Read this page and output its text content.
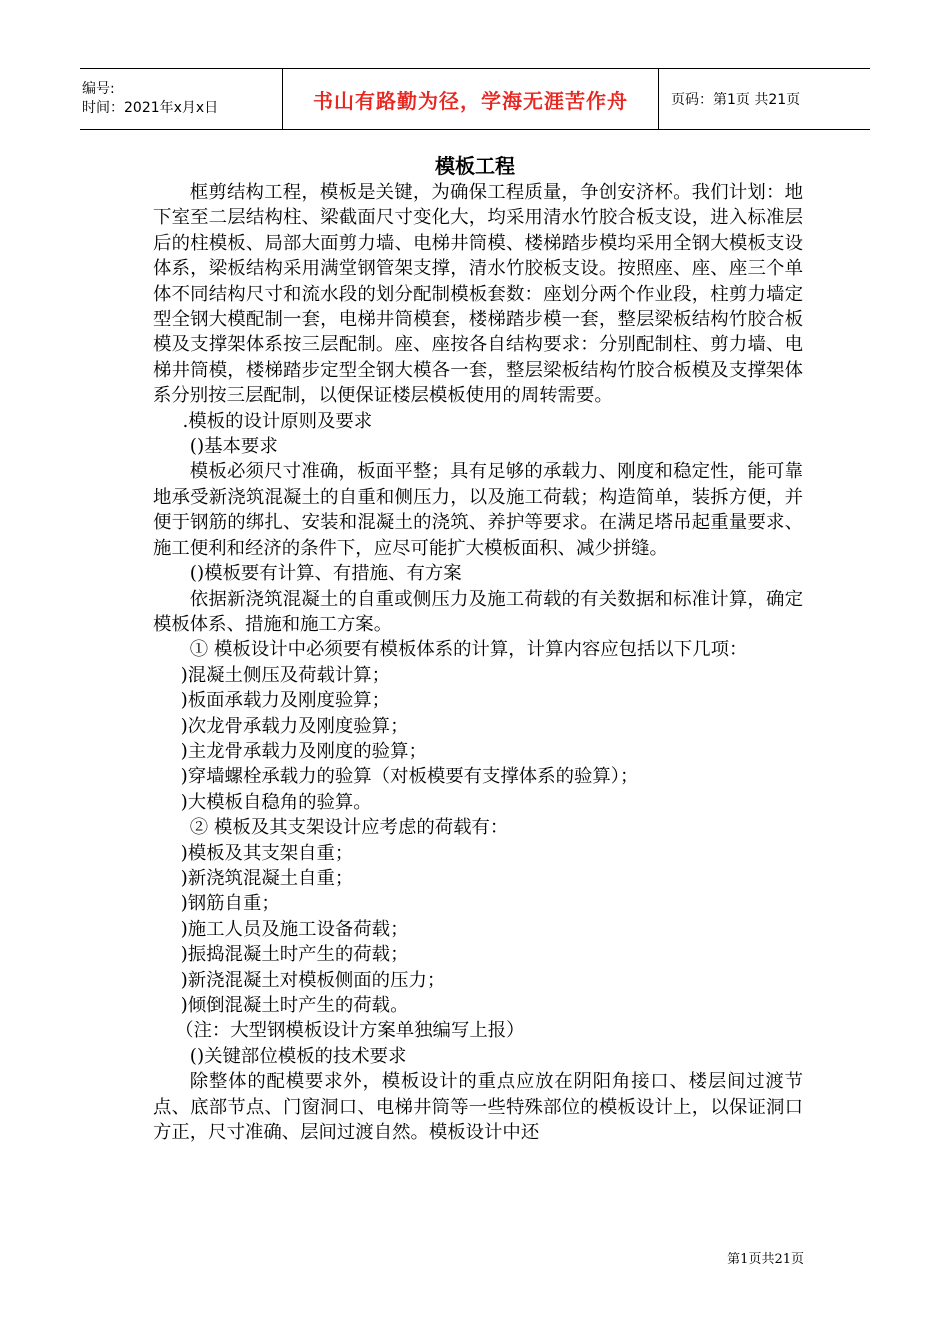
编号:
时间：2021年x月x日	书山有路勤为径，学海无涯苦作舟	页码：第1页 共21页
模板工程

框剪结构工程，模板是关键，为确保工程质量，争创安济杯。我们计划：地下室至二层结构柱、梁截面尺寸变化大，均采用清水竹胶合板支设，进入标准层后的柱模板、局部大面剪力墙、电梯井筒模、楼梯踏步模均采用全钢大模板支设体系，梁板结构采用满堂钢管架支撑，清水竹胶板支设。按照座、座、座三个单体不同结构尺寸和流水段的划分配制模板套数：座划分两个作业段，柱剪力墙定型全钢大模配制一套，电梯井筒模套，楼梯踏步模一套，整层梁板结构竹胶合板模及支撑架体系按三层配制。座、座按各自结构要求：分别配制柱、剪力墙、电梯井筒模，楼梯踏步定型全钢大模各一套，整层梁板结构竹胶合板模及支撑架体系分别按三层配制，以便保证楼层模板使用的周转需要。

.模板的设计原则及要求

()基本要求

模板必须尺寸准确，板面平整；具有足够的承载力、刚度和稳定性，能可靠地承受新浇筑混凝土的自重和侧压力，以及施工荷载；构造简单，装拆方便，并便于钢筋的绑扎、安装和混凝土的浇筑、养护等要求。在满足塔吊起重量要求、施工便利和经济的条件下，应尽可能扩大模板面积、减少拼缝。

()模板要有计算、有措施、有方案

依据新浇筑混凝土的自重或侧压力及施工荷载的有关数据和标准计算，确定模板体系、措施和施工方案。

① 模板设计中必须要有模板体系的计算，计算内容应包括以下几项：

)混凝土侧压及荷载计算；

)板面承载力及刚度验算；

)次龙骨承载力及刚度验算；

)主龙骨承载力及刚度的验算；

)穿墙螺栓承载力的验算（对板模要有支撑体系的验算）；

)大模板自稳角的验算。

② 模板及其支架设计应考虑的荷载有：

)模板及其支架自重；

)新浇筑混凝土自重；

)钢筋自重；

)施工人员及施工设备荷载；

)振捣混凝土时产生的荷载；

)新浇混凝土对模板侧面的压力；

)倾倒混凝土时产生的荷载。

（注：大型钢模板设计方案单独编写上报）

()关键部位模板的技术要求

除整体的配模要求外，模板设计的重点应放在阴阳角接口、楼层间过渡节点、底部节点、门窗洞口、电梯井筒等一些特殊部位的模板设计上，以保证洞口方正，尺寸准确、层间过渡自然。模板设计中还

第1页共21页
